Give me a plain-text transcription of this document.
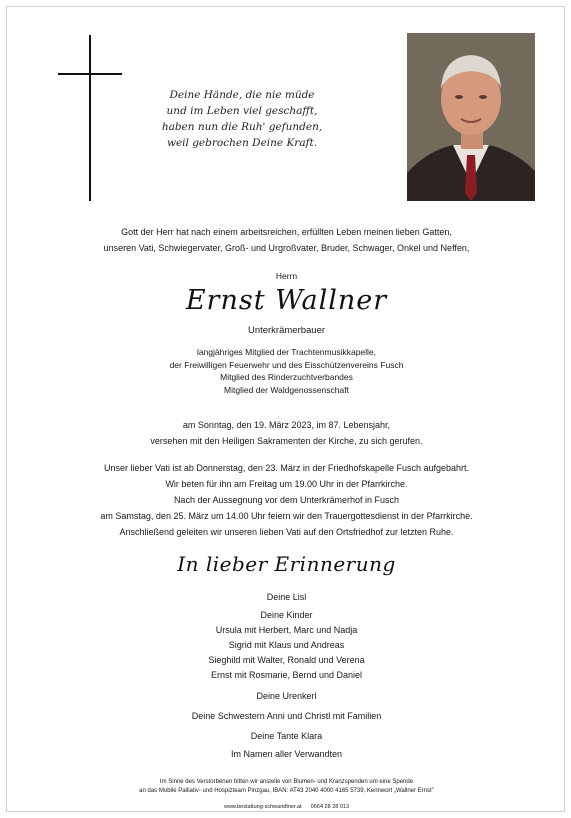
Deine Hände, die nie müde
und im Leben viel geschafft,
haben nun die Ruh' gefunden,
weil gebrochen Deine Kraft.
Gott der Herr hat nach einem arbeitsreichen, erfüllten Leben meinen lieben Gatten,
unseren Vati, Schwiegervater, Groß- und Urgroßvater, Bruder, Schwager, Onkel und Neffen,
Herrn
Ernst Wallner
Unterkrämerbauer
langjähriges Mitglied der Trachtenmusikkapelle,
der Freiwilligen Feuerwehr und des Eisschützenvereins Fusch
Mitglied des Rinderzuchtverbandes
Mitglied der Waldgenossenschaft
am Sonntag, den 19. März 2023, im 87. Lebensjahr,
versehen mit den Heiligen Sakramenten der Kirche, zu sich gerufen.
Unser lieber Vati ist ab Donnerstag, den 23. März in der Friedhofskapelle Fusch aufgebahrt.
Wir beten für ihn am Freitag um 19.00 Uhr in der Pfarrkirche.
Nach der Aussegnung vor dem Unterkrämerhof in Fusch
am Samstag, den 25. März um 14.00 Uhr feiern wir den Trauergottesdienst in der Pfarrkirche.
Anschließend geleiten wir unseren lieben Vati auf den Ortsfriedhof zur letzten Ruhe.
In lieber Erinnerung
Deine Lisl
Deine Kinder
Ursula mit Herbert, Marc und Nadja
Sigrid mit Klaus und Andreas
Sieghild mit Walter, Ronald und Verena
Ernst mit Rosmarie, Bernd und Daniel
Deine Urenkerl
Deine Schwestern Anni und Christl mit Familien
Deine Tante Klara
Im Namen aller Verwandten
Im Sinne des Verstorbenen bitten wir anstelle von Blumen- und Kranzspenden um eine Spende
an das Mobile Palliativ- und Hospizteam Pinzgau, IBAN: AT43 2040 4000 4165 5739, Kennwort „Wallner Ernst"
www.bestattung-schwandtner.at      0664 28 28 013
